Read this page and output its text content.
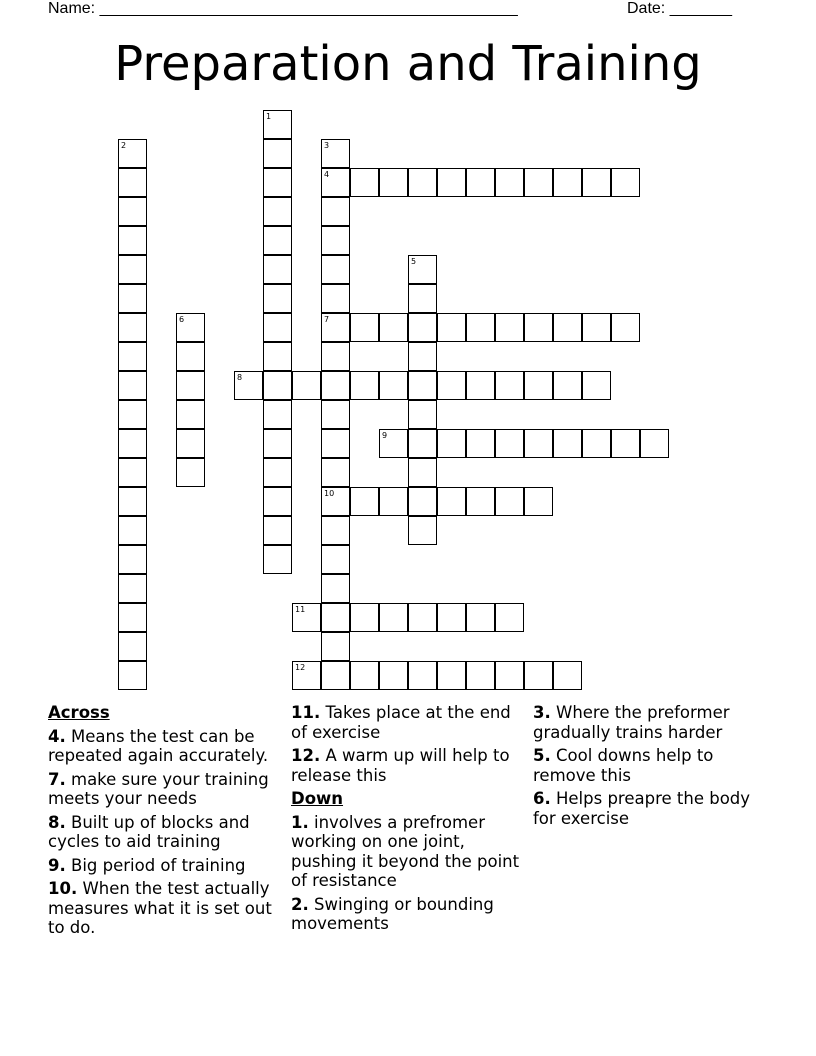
Name: _______________________________________________	Date: _______
Preparation and Training
1
2	3
4
7
10
5
6
8
9
11
12
Across
4. Means the test can be repeated again accurately.
7. make sure your training meets your needs
8. Built up of blocks and cycles to aid training
9. Big period of training
10. When the test actually measures what it is set out to do.
11. Takes place at the end of exercise
12. A warm up will help to release this
Down
1. involves a prefromer working on one joint, pushing it beyond the point of resistance
2. Swinging or bounding movements
3. Where the preformer gradually trains harder
5. Cool downs help to remove this
6. Helps preapre the body for exercise
